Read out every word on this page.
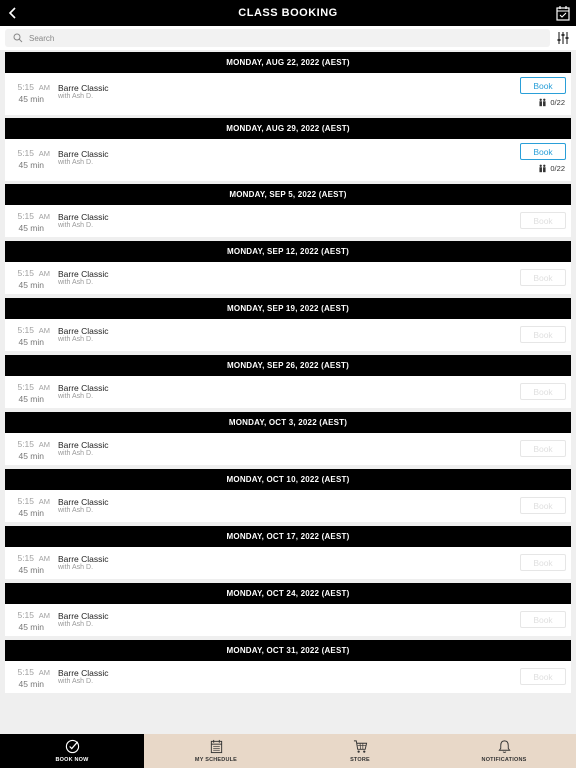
CLASS BOOKING
Search
MONDAY, AUG 22, 2022 (AEST)
5:15 AM
45 min
Barre Classic
with Ash D.
Book
0/22
MONDAY, AUG 29, 2022 (AEST)
5:15 AM
45 min
Barre Classic
with Ash D.
Book
0/22
MONDAY, SEP 5, 2022 (AEST)
5:15 AM
45 min
Barre Classic
with Ash D.	Book
MONDAY, SEP 12, 2022 (AEST)
5:15 AM
45 min
Barre Classic
with Ash D.	Book
MONDAY, SEP 19, 2022 (AEST)
5:15 AM
45 min
Barre Classic
with Ash D.	Book
MONDAY, SEP 26, 2022 (AEST)
5:15 AM
45 min
Barre Classic
with Ash D.	Book
MONDAY, OCT 3, 2022 (AEST)
5:15 AM
45 min
Barre Classic
with Ash D.	Book
MONDAY, OCT 10, 2022 (AEST)
5:15 AM
45 min
Barre Classic
with Ash D.	Book
MONDAY, OCT 17, 2022 (AEST)
5:15 AM
45 min
Barre Classic
with Ash D.	Book
MONDAY, OCT 24, 2022 (AEST)
5:15 AM
45 min
Barre Classic
with Ash D.	Book
MONDAY, OCT 31, 2022 (AEST)
5:15 AM
45 min
Barre Classic
with Ash D.	Book
BOOK NOW	MY SCHEDULE	STORE	NOTIFICATIONS
